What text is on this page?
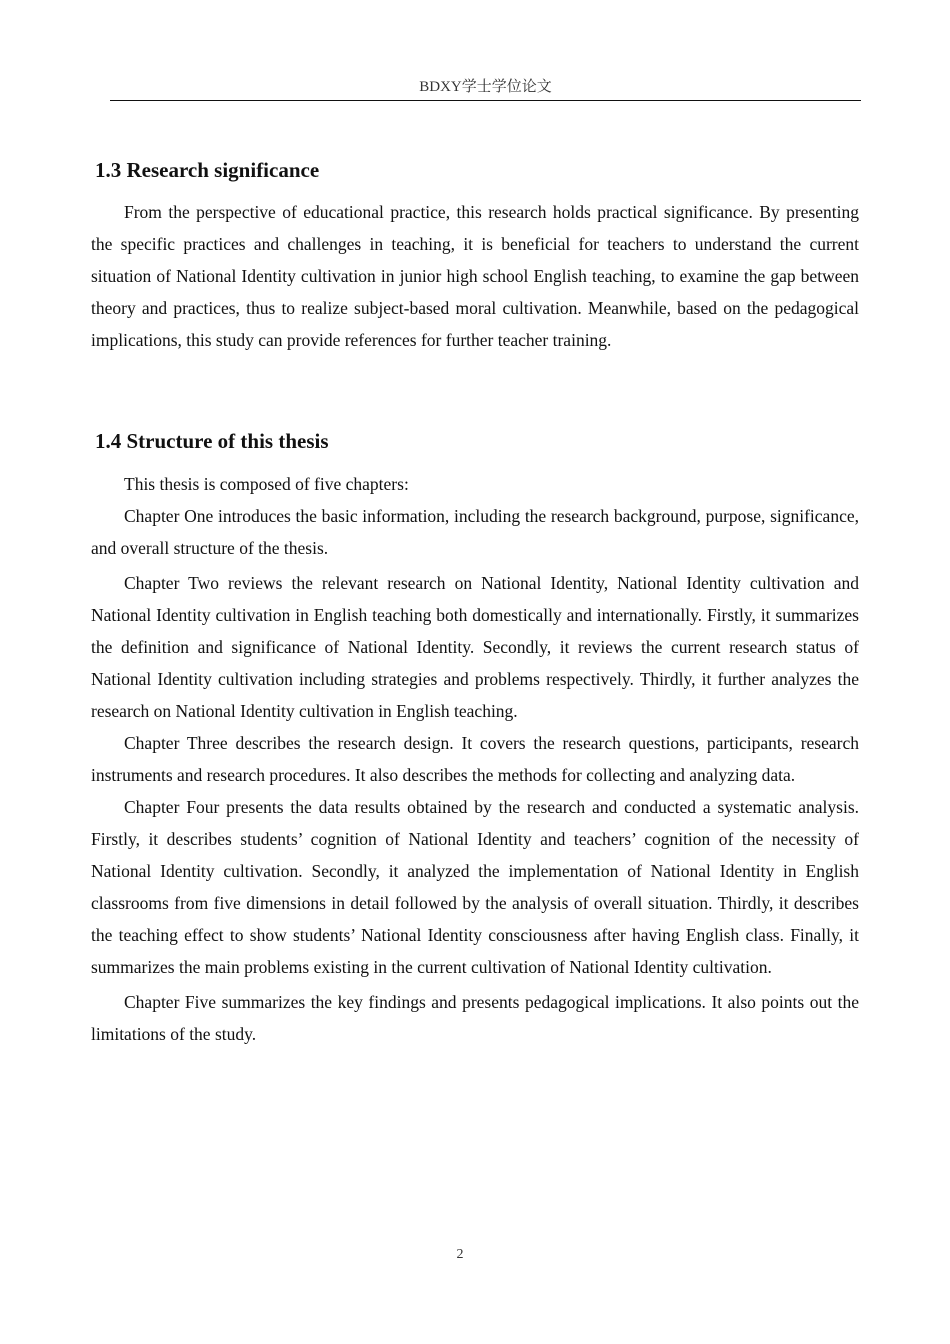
BDXY学士学位论文
1.3 Research significance

From the perspective of educational practice, this research holds practical significance. By presenting the specific practices and challenges in teaching, it is beneficial for teachers to understand the current situation of National Identity cultivation in junior high school English teaching, to examine the gap between theory and practices, thus to realize subject-based moral cultivation. Meanwhile, based on the pedagogical implications, this study can provide references for further teacher training.

1.4 Structure of this thesis

This thesis is composed of five chapters:

Chapter One introduces the basic information, including the research background, purpose, significance, and overall structure of the thesis.

Chapter Two reviews the relevant research on National Identity, National Identity cultivation and National Identity cultivation in English teaching both domestically and internationally. Firstly, it summarizes the definition and significance of National Identity. Secondly, it reviews the current research status of National Identity cultivation including strategies and problems respectively. Thirdly, it further analyzes the research on National Identity cultivation in English teaching.

Chapter Three describes the research design. It covers the research questions, participants, research instruments and research procedures. It also describes the methods for collecting and analyzing data.

Chapter Four presents the data results obtained by the research and conducted a systematic analysis. Firstly, it describes students’ cognition of National Identity and teachers’ cognition of the necessity of National Identity cultivation. Secondly, it analyzed the implementation of National Identity in English classrooms from five dimensions in detail followed by the analysis of overall situation. Thirdly, it describes the teaching effect to show students’ National Identity consciousness after having English class. Finally, it summarizes the main problems existing in the current cultivation of National Identity cultivation.

Chapter Five summarizes the key findings and presents pedagogical implications. It also points out the limitations of the study.

2
